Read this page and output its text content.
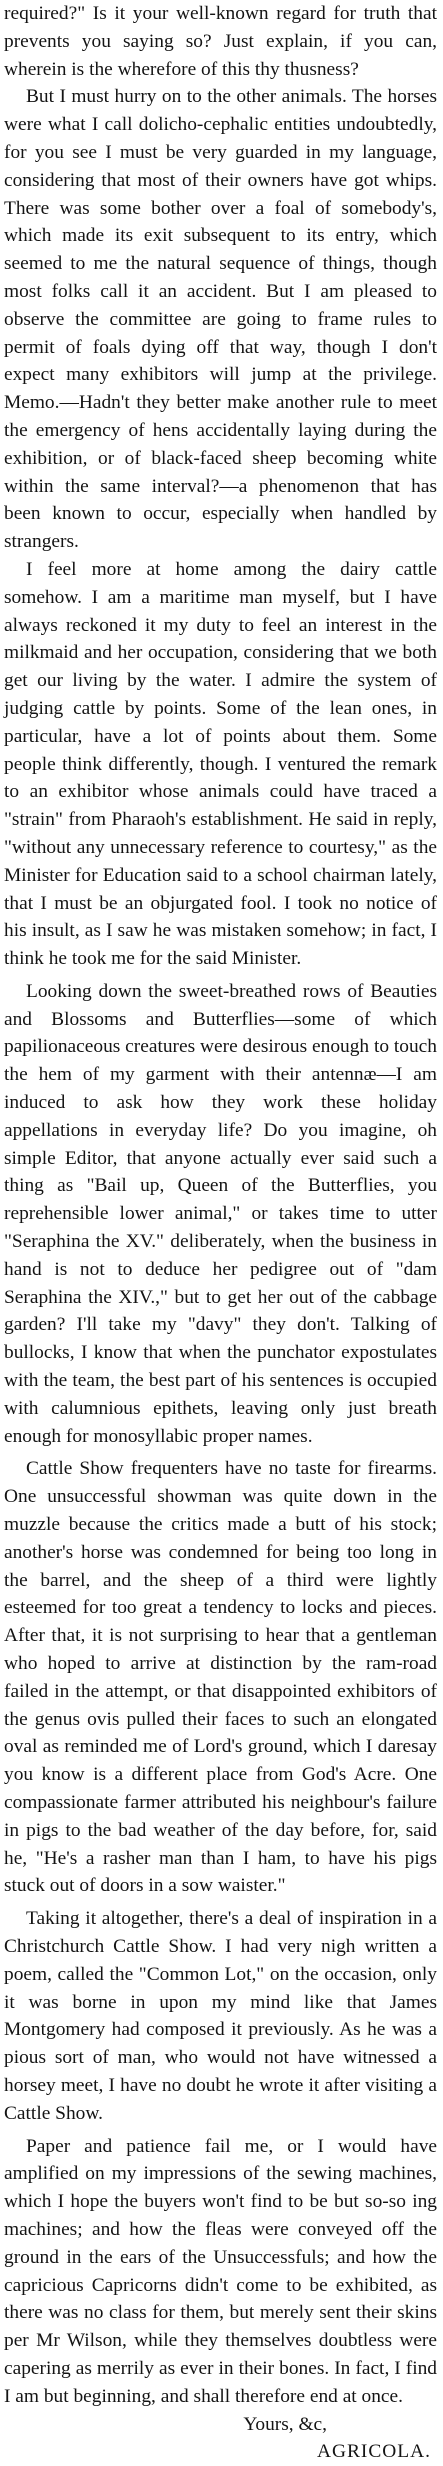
required?" Is it your well-known regard for truth that prevents you saying so? Just explain, if you can, wherein is the wherefore of this thy thusness?

But I must hurry on to the other animals. The horses were what I call dolicho-cephalic entities undoubtedly, for you see I must be very guarded in my language, considering that most of their owners have got whips. There was some bother over a foal of somebody's, which made its exit subsequent to its entry, which seemed to me the natural sequence of things, though most folks call it an accident. But I am pleased to observe the committee are going to frame rules to permit of foals dying off that way, though I don't expect many exhibitors will jump at the privilege. Memo.—Hadn't they better make another rule to meet the emergency of hens accidentally laying during the exhibition, or of black-faced sheep becoming white within the same interval?—a phenomenon that has been known to occur, especially when handled by strangers.

I feel more at home among the dairy cattle somehow. I am a maritime man myself, but I have always reckoned it my duty to feel an interest in the milkmaid and her occupation, considering that we both get our living by the water. I admire the system of judging cattle by points. Some of the lean ones, in particular, have a lot of points about them. Some people think differently, though. I ventured the remark to an exhibitor whose animals could have traced a "strain" from Pharaoh's establishment. He said in reply, "without any unnecessary reference to courtesy," as the Minister for Education said to a school chairman lately, that I must be an objurgated fool. I took no notice of his insult, as I saw he was mistaken somehow; in fact, I think he took me for the said Minister.

Looking down the sweet-breathed rows of Beauties and Blossoms and Butterflies—some of which papilionaceous creatures were desirous enough to touch the hem of my garment with their antennæ—I am induced to ask how they work these holiday appellations in everyday life? Do you imagine, oh simple Editor, that anyone actually ever said such a thing as "Bail up, Queen of the Butterflies, you reprehensible lower animal," or takes time to utter "Seraphina the XV." deliberately, when the business in hand is not to deduce her pedigree out of "dam Seraphina the XIV.," but to get her out of the cabbage garden? I'll take my "davy" they don't. Talking of bullocks, I know that when the punchator expostulates with the team, the best part of his sentences is occupied with calumnious epithets, leaving only just breath enough for monosyllabic proper names.

Cattle Show frequenters have no taste for firearms. One unsuccessful showman was quite down in the muzzle because the critics made a butt of his stock; another's horse was condemned for being too long in the barrel, and the sheep of a third were lightly esteemed for too great a tendency to locks and pieces. After that, it is not surprising to hear that a gentleman who hoped to arrive at distinction by the ram-road failed in the attempt, or that disappointed exhibitors of the genus ovis pulled their faces to such an elongated oval as reminded me of Lord's ground, which I daresay you know is a different place from God's Acre. One compassionate farmer attributed his neighbour's failure in pigs to the bad weather of the day before, for, said he, "He's a rasher man than I ham, to have his pigs stuck out of doors in a sow waister."

Taking it altogether, there's a deal of inspiration in a Christchurch Cattle Show. I had very nigh written a poem, called the "Common Lot," on the occasion, only it was borne in upon my mind like that James Montgomery had composed it previously. As he was a pious sort of man, who would not have witnessed a horsey meet, I have no doubt he wrote it after visiting a Cattle Show.

Paper and patience fail me, or I would have amplified on my impressions of the sewing machines, which I hope the buyers won't find to be but so-so ing machines; and how the fleas were conveyed off the ground in the ears of the Unsuccessfuls; and how the capricious Capricorns didn't come to be exhibited, as there was no class for them, but merely sent their skins per Mr Wilson, while they themselves doubtless were capering as merrily as ever in their bones. In fact, I find I am but beginning, and shall therefore end at once.

Yours, &c,
AGRICOLA.
